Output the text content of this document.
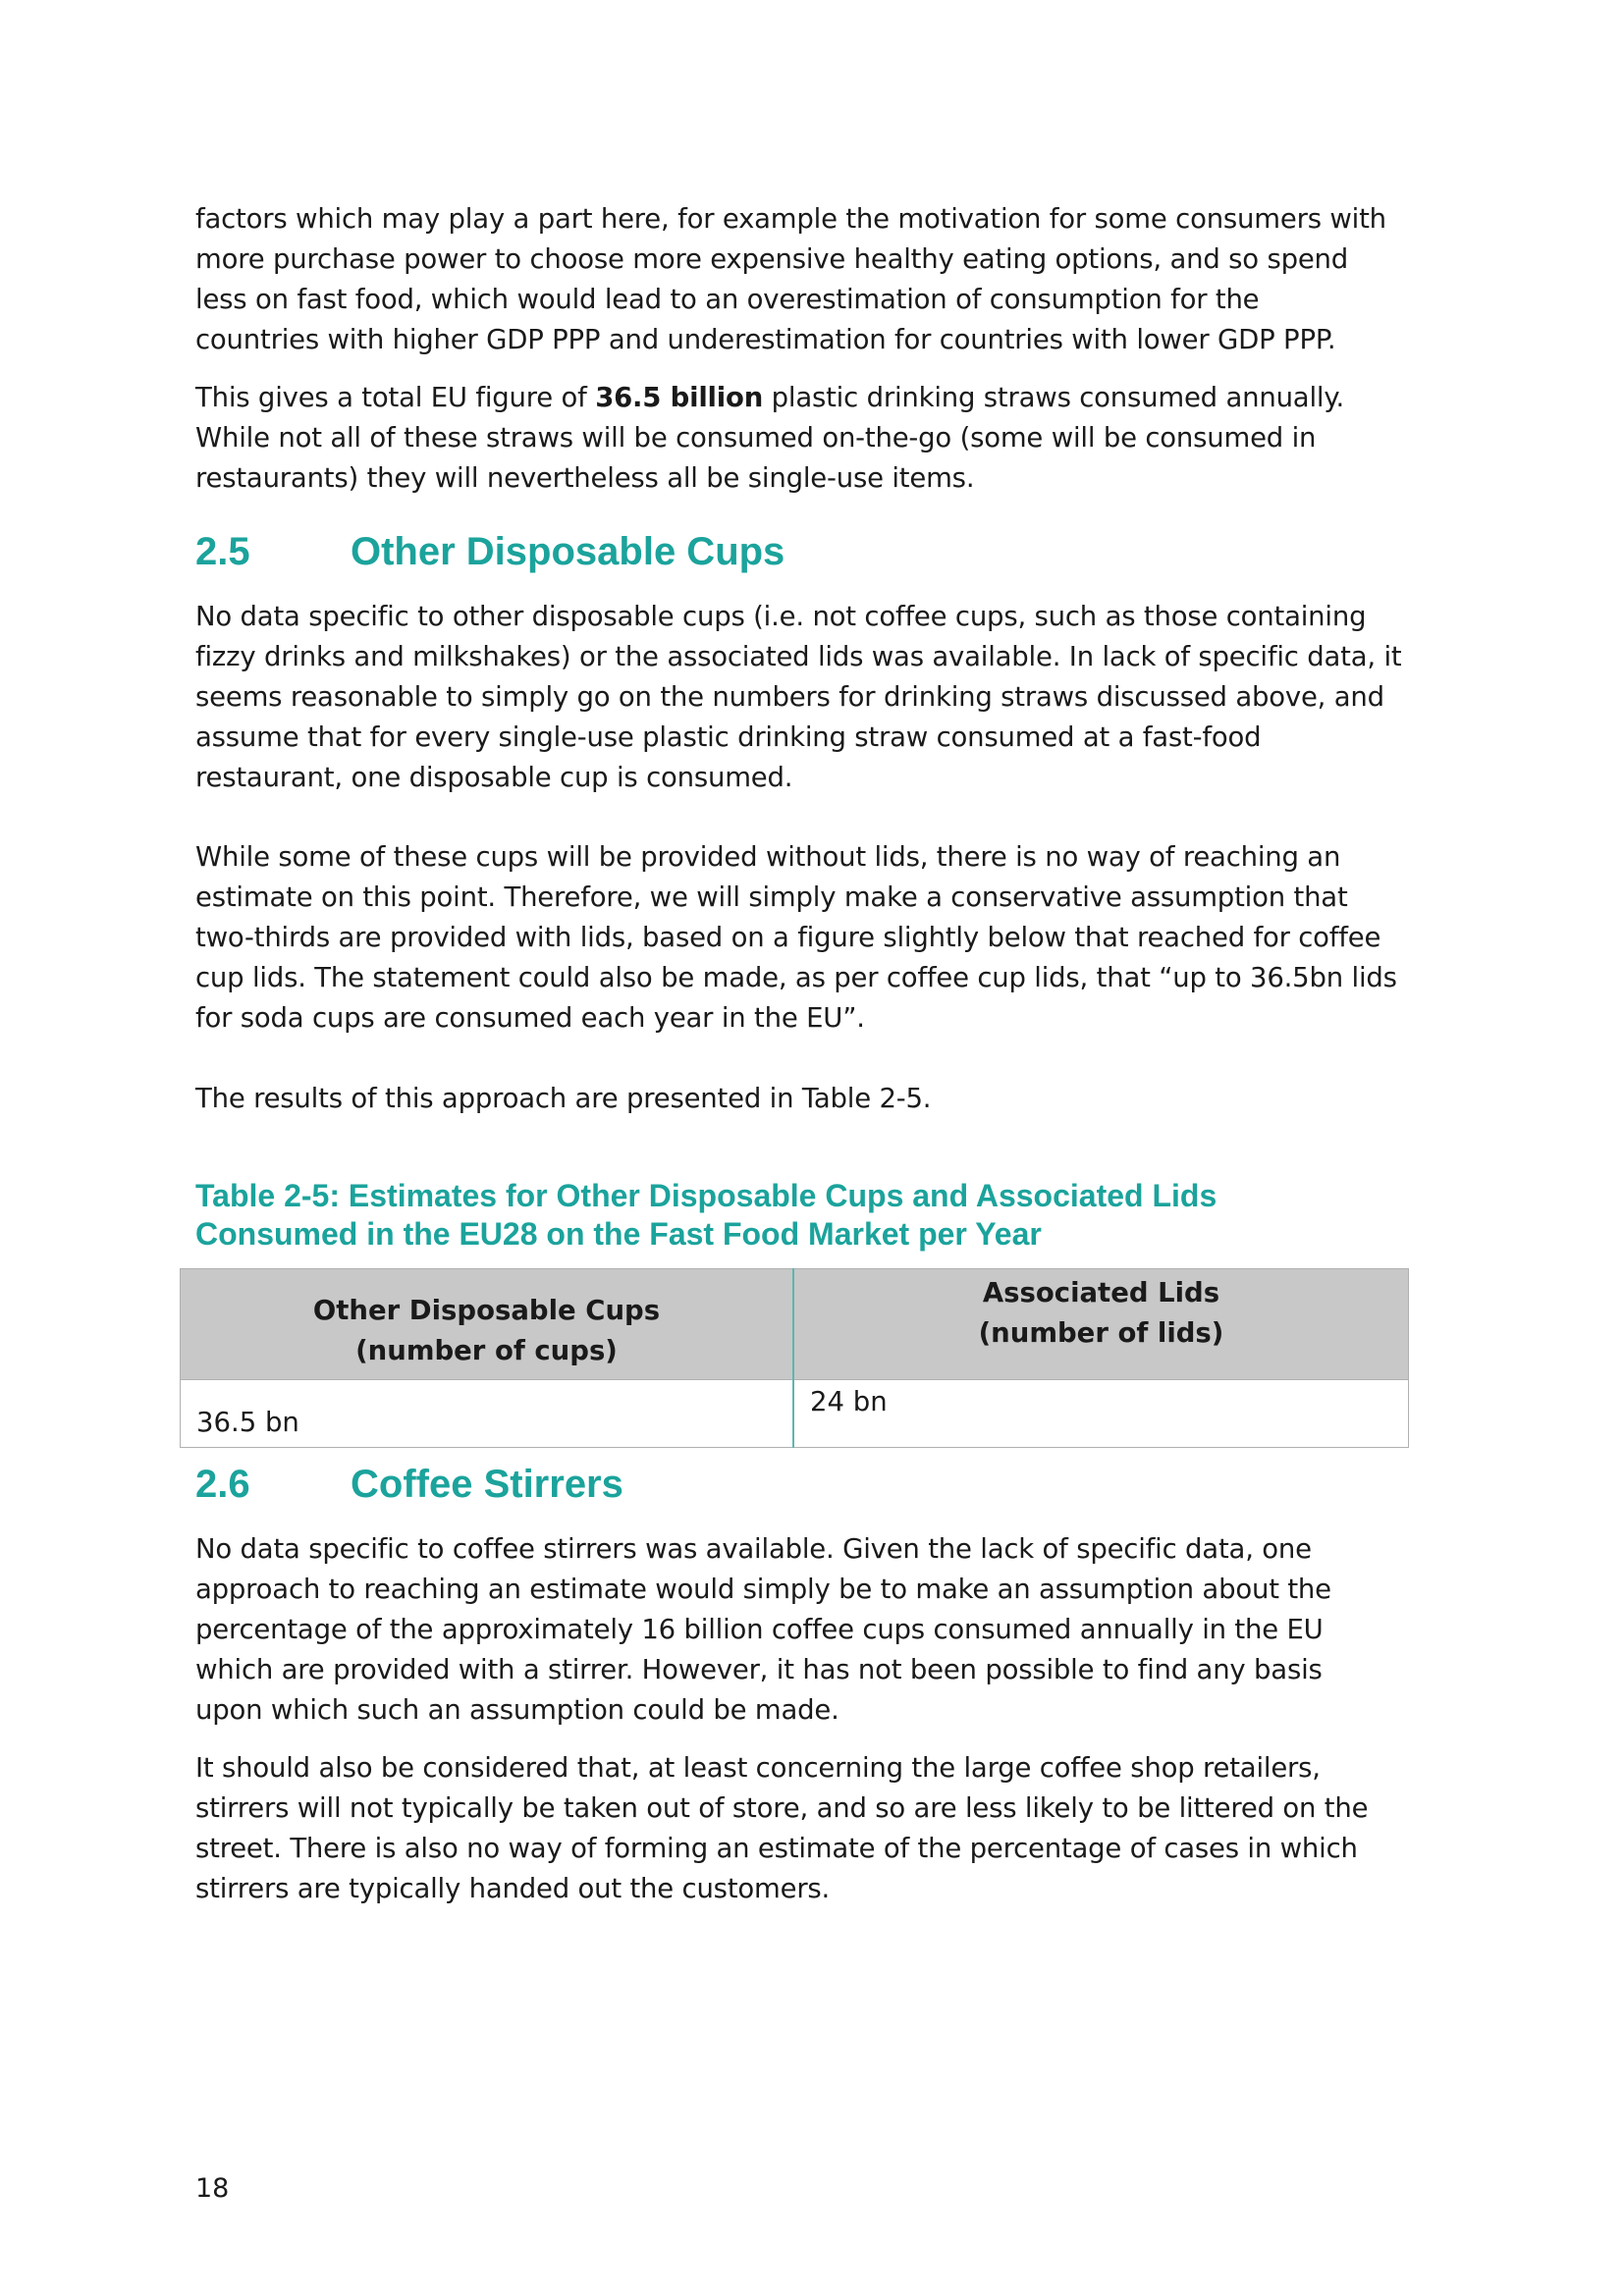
factors which may play a part here, for example the motivation for some consumers with
more purchase power to choose more expensive healthy eating options, and so spend
less on fast food, which would lead to an overestimation of consumption for the
countries with higher GDP PPP and underestimation for countries with lower GDP PPP.

This gives a total EU figure of 36.5 billion plastic drinking straws consumed annually.
While not all of these straws will be consumed on-the-go (some will be consumed in
restaurants) they will nevertheless all be single-use items.

2.5	Other Disposable Cups

No data specific to other disposable cups (i.e. not coffee cups, such as those containing
fizzy drinks and milkshakes) or the associated lids was available. In lack of specific data, it
seems reasonable to simply go on the numbers for drinking straws discussed above, and
assume that for every single-use plastic drinking straw consumed at a fast-food
restaurant, one disposable cup is consumed.

While some of these cups will be provided without lids, there is no way of reaching an
estimate on this point. Therefore, we will simply make a conservative assumption that
two-thirds are provided with lids, based on a figure slightly below that reached for coffee
cup lids. The statement could also be made, as per coffee cup lids, that “up to 36.5bn lids
for soda cups are consumed each year in the EU”.

The results of this approach are presented in Table 2-5.

Table 2-5: Estimates for Other Disposable Cups and Associated Lids
Consumed in the EU28 on the Fast Food Market per Year

Other Disposable Cups
(number of cups)	Associated Lids
(number of lids)
36.5 bn	24 bn
2.6	Coffee Stirrers

No data specific to coffee stirrers was available. Given the lack of specific data, one
approach to reaching an estimate would simply be to make an assumption about the
percentage of the approximately 16 billion coffee cups consumed annually in the EU
which are provided with a stirrer. However, it has not been possible to find any basis
upon which such an assumption could be made.

It should also be considered that, at least concerning the large coffee shop retailers,
stirrers will not typically be taken out of store, and so are less likely to be littered on the
street. There is also no way of forming an estimate of the percentage of cases in which
stirrers are typically handed out the customers.

18
